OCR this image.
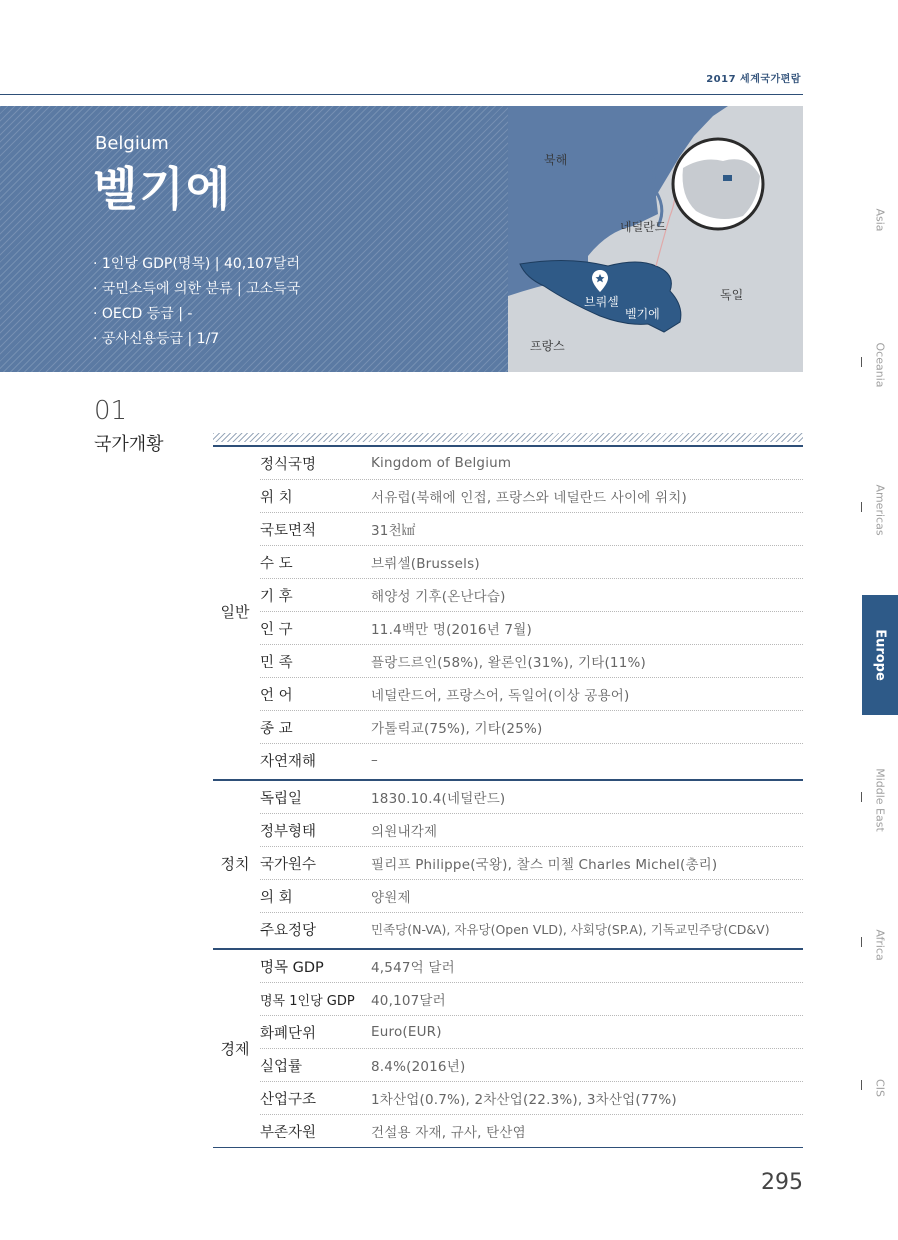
2017 세계국가편람
Belgium
벨기에
· 1인당 GDP(명목) | 40,107달러
· 국민소득에 의한 분류 | 고소득국
· OECD 등급 | -
· 공사신용등급 | 1/7
북해
네덜란드
독일
브뤼셀
벨기에
프랑스
01
국가개황
일반
정식국명	Kingdom of Belgium
위 치	서유럽(북해에 인접, 프랑스와 네덜란드 사이에 위치)
국토면적	31천㎢
수 도	브뤼셀(Brussels)
기 후	해양성 기후(온난다습)
인 구	11.4백만 명(2016년 7월)
민 족	플랑드르인(58%), 왈론인(31%), 기타(11%)
언 어	네덜란드어, 프랑스어, 독일어(이상 공용어)
종 교	가톨릭교(75%), 기타(25%)
자연재해	–
정치
독립일	1830.10.4(네덜란드)
정부형태	의원내각제
국가원수	필리프 Philippe(국왕), 찰스 미첼 Charles Michel(총리)
의 회	양원제
주요정당	민족당(N-VA), 자유당(Open VLD), 사회당(SP.A), 기독교민주당(CD&V)
경제
명목 GDP	4,547억 달러
명목 1인당 GDP	40,107달러
화폐단위	Euro(EUR)
실업률	8.4%(2016년)
산업구조	1차산업(0.7%), 2차산업(22.3%), 3차산업(77%)
부존자원	건설용 자재, 규사, 탄산염
Asia
Oceania
Americas
Europe
Middle East
Africa
CIS
295
